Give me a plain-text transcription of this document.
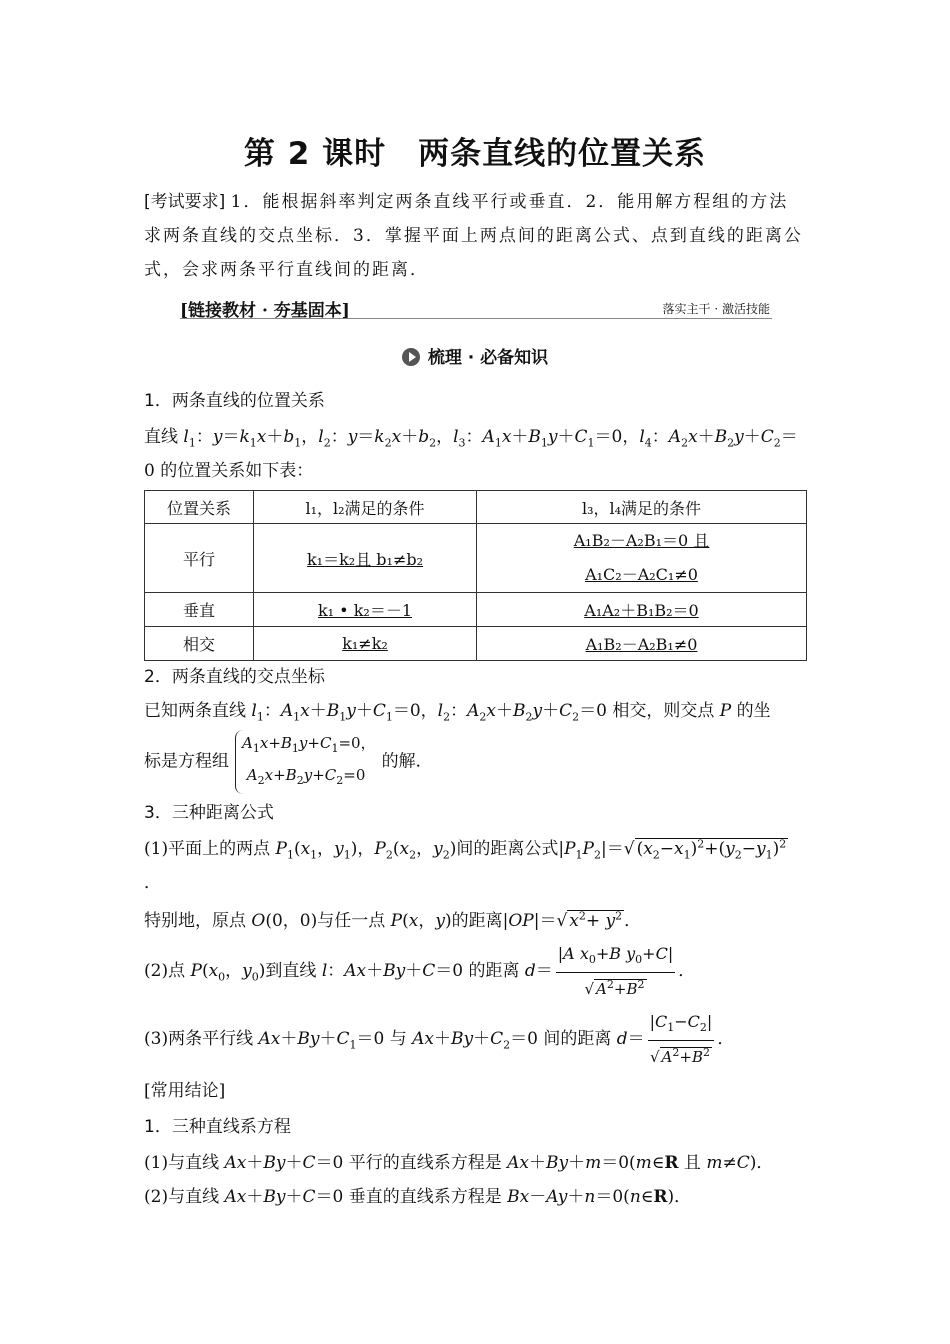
第 2 课时　两条直线的位置关系
[考试要求] 1．能根据斜率判定两条直线平行或垂直．2．能用解方程组的方法求两条直线的交点坐标．3．掌握平面上两点间的距离公式、点到直线的距离公式，会求两条平行直线间的距离．
[链接教材 · 夯基固本]	落实主干 · 激活技能
梳理 · 必备知识
1．两条直线的位置关系
直线 $l_1$：$y=k_1x+b_1$，$l_2$：$y=k_2x+b_2$，$l_3$：$A_1x+B_1y+C_1=0$，$l_4$：$A_2x+B_2y+C_2=$
0 的位置关系如下表：
位置关系	l₁，l₂满足的条件	l₃，l₄满足的条件
平行	k₁＝k₂且 b₁≠b₂	A₁B₂－A₂B₁＝0 且
A₁C₂－A₂C₁≠0

垂直	k₁ • k₂＝－1	A₁A₂＋B₁B₂＝0
相交	k₁≠k₂	A₁B₂－A₂B₁≠0
2．两条直线的交点坐标
已知两条直线 $l_1$：$A_1x+B_1y+C_1=0$，$l_2$：$A_2x+B_2y+C_2=0$ 相交，则交点 P 的坐
标是方程组$A_1x+B_1y+C_1=0$，
$A_2x+B_2y+C_2=0$的解．
3．三种距离公式
(1)平面上的两点 $P_1(x_1$，$y_1$)，$P_2(x_2$，$y_2$)间的距离公式$|P_1P_2|=√$ $(x_2-x_1)^2+(y_2-y_1)^2$
．
特别地，原点 O(0，0)与任一点 P(x，y)的距离|OP|＝√ $x^2+ y^2$ ．
(2)点 $P(x_0$，$y_0$)到直线 l：Ax＋By＋C＝0 的距离 $d= \frac{|A x_0+B y_0+C|}{√ A^2+B^2}$ ．
(3)两条平行线 $Ax+By+C_1=0$ 与 $Ax+By+C_2=0$ 间的距离 $d= \frac{|C_1-C_2|}{√ A^2+B^2}$ ．
[常用结论]
1．三种直线系方程
(1)与直线 Ax＋By＋C＝0 平行的直线系方程是 Ax＋By＋m＝0(m∈R 且 m≠C)．
(2)与直线 Ax＋By＋C＝0 垂直的直线系方程是 Bx－Ay＋n＝0(n∈R)．
